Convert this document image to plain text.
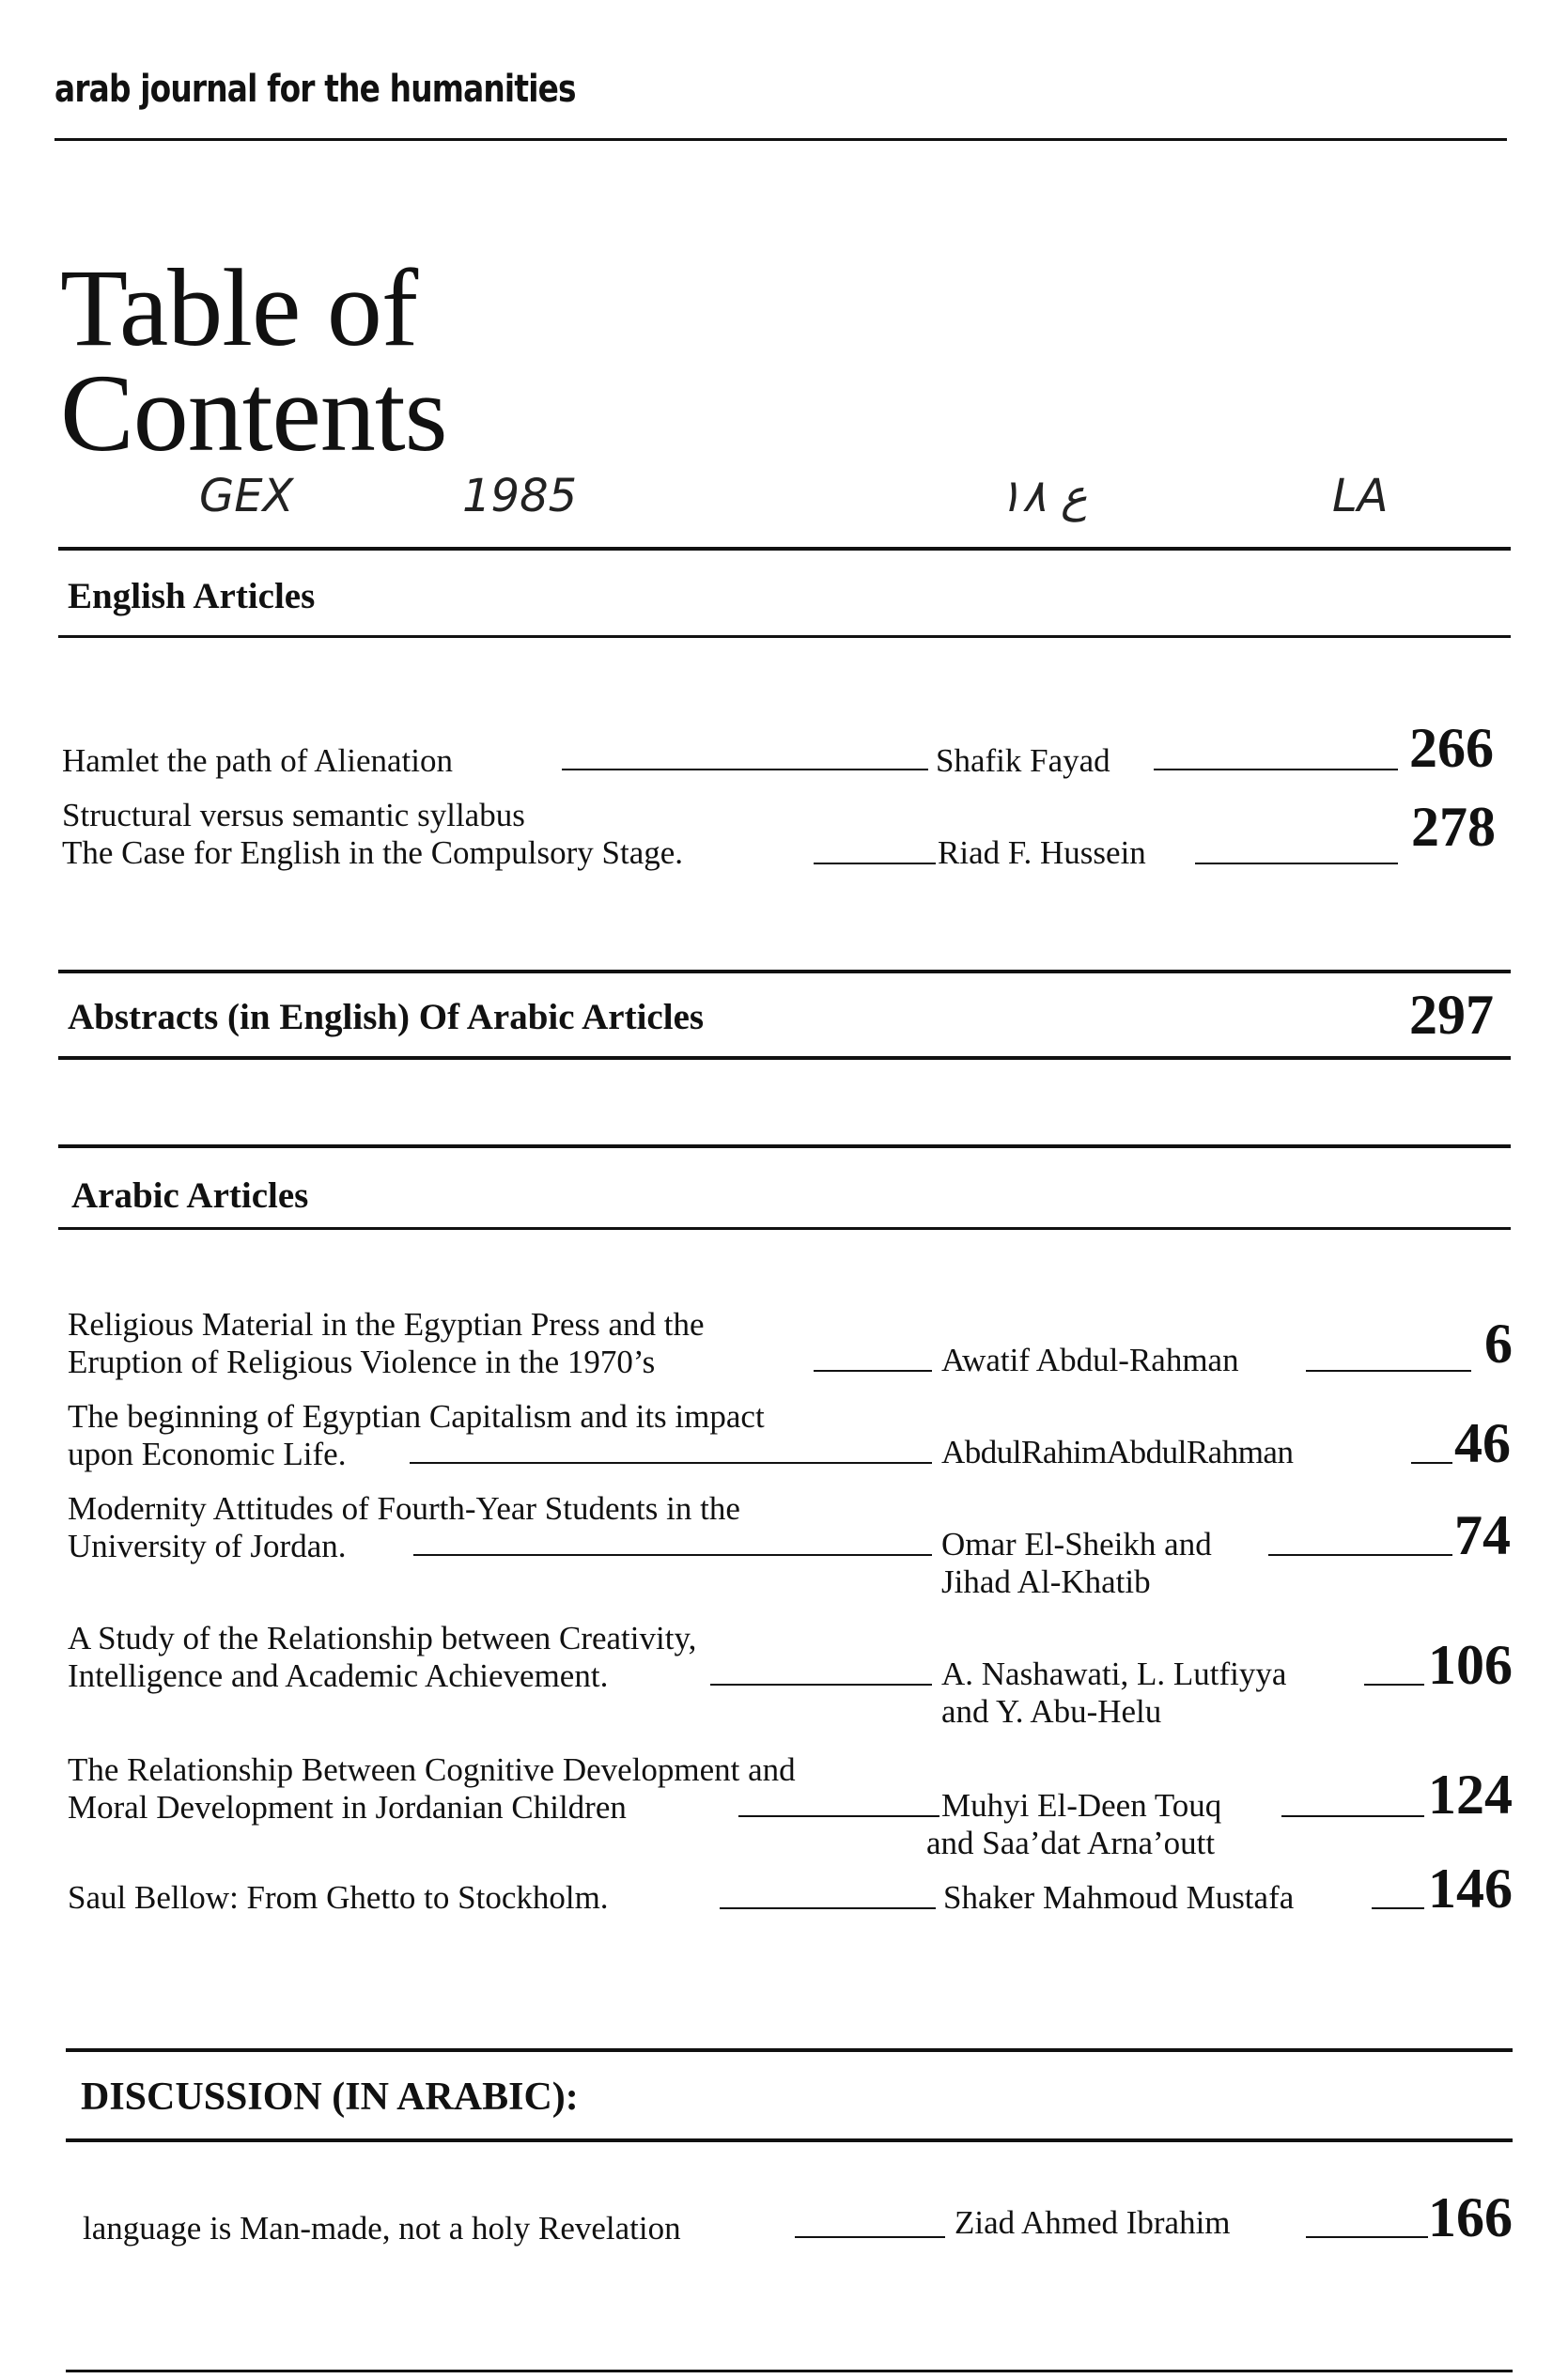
arab journal for the humanities
Table of
Contents
GEX	1985	ع ١٨	LA
English Articles
Hamlet the path of Alienation	Shafik Fayad	266
Structural versus semantic syllabus
The Case for English in the Compulsory Stage.	Riad F. Hussein	278
Abstracts (in English) Of Arabic Articles	297
Arabic Articles
Religious Material in the Egyptian Press and the
Eruption of Religious Violence in the 1970’s	Awatif Abdul-Rahman	6
The beginning of Egyptian Capitalism and its impact
upon Economic Life.	AbdulRahimAbdulRahman	46
Modernity Attitudes of Fourth-Year Students in the
University of Jordan.	Omar El-Sheikh and
Jihad Al-Khatib
74
A Study of the Relationship between Creativity,
Intelligence and Academic Achievement.	A. Nashawati, L. Lutfiyya
and Y. Abu-Helu
106
The Relationship Between Cognitive Development and
Moral Development in Jordanian Children	Muhyi El-Deen Touq
and Saa’dat Arna’outt
124
Saul Bellow: From Ghetto to Stockholm.	Shaker Mahmoud Mustafa 146
DISCUSSION (IN ARABIC):
language is Man-made, not a holy Revelation	Ziad Ahmed Ibrahim	166
